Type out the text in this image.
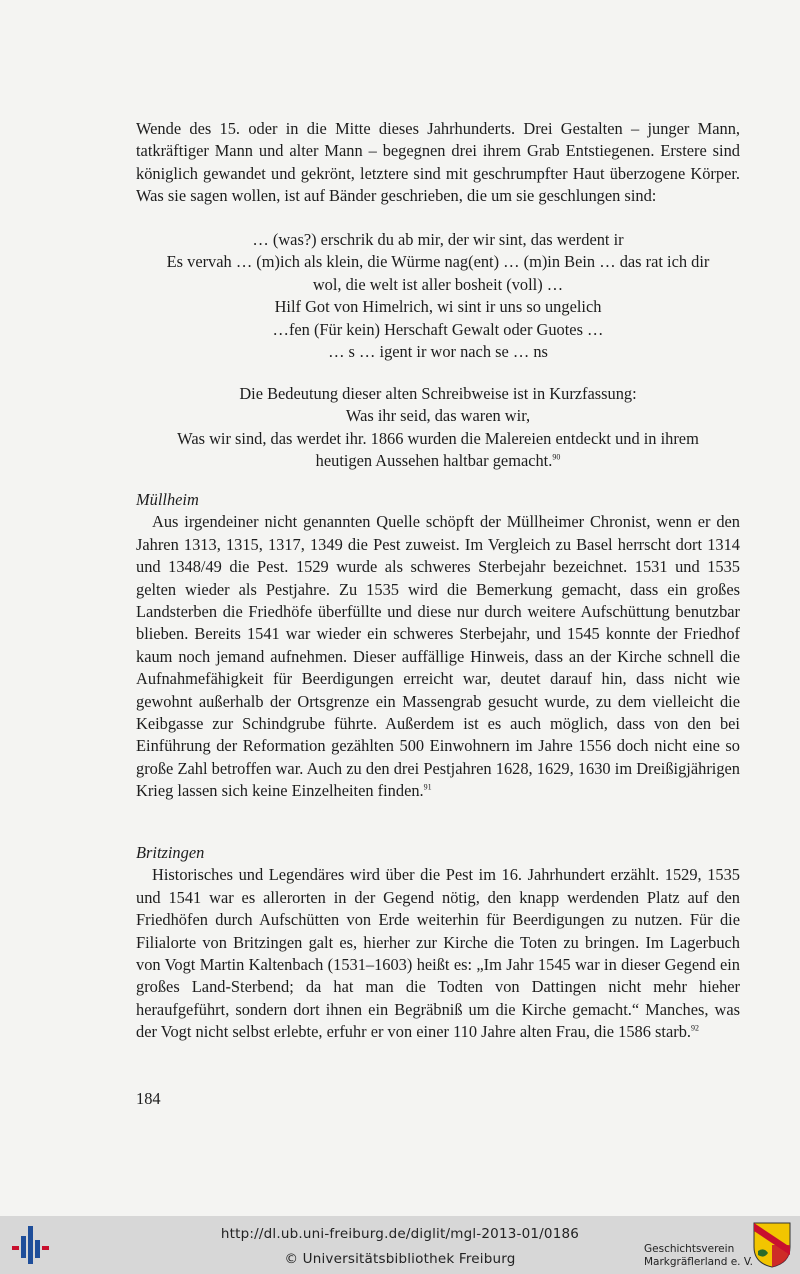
Wende des 15. oder in die Mitte dieses Jahrhunderts. Drei Gestalten – junger Mann, tatkräftiger Mann und alter Mann – begegnen drei ihrem Grab Entstiegenen. Erstere sind königlich gewandet und gekrönt, letztere sind mit geschrumpfter Haut überzogene Körper. Was sie sagen wollen, ist auf Bänder geschrieben, die um sie geschlungen sind:

… (was?) erschrik du ab mir, der wir sint, das werdent ir

Es vervah … (m)ich als klein, die Würme nag(ent) … (m)in Bein … das rat ich dir

wol, die welt ist aller bosheit (voll) …

Hilf Got von Himelrich, wi sint ir uns so ungelich

…fen (Für kein) Herschaft Gewalt oder Guotes …

… s … igent ir wor nach se … ns

Die Bedeutung dieser alten Schreibweise ist in Kurzfassung:

Was ihr seid, das waren wir,

Was wir sind, das werdet ihr. 1866 wurden die Malereien entdeckt und in ihrem

heutigen Aussehen haltbar gemacht.$^{90}$

Müllheim

Aus irgendeiner nicht genannten Quelle schöpft der Müllheimer Chronist, wenn er den Jahren 1313, 1315, 1317, 1349 die Pest zuweist. Im Vergleich zu Basel herrscht dort 1314 und 1348/49 die Pest. 1529 wurde als schweres Sterbejahr bezeichnet. 1531 und 1535 gelten wieder als Pestjahre. Zu 1535 wird die Bemerkung gemacht, dass ein großes Landsterben die Friedhöfe überfüllte und diese nur durch weitere Aufschüttung benutzbar blieben. Bereits 1541 war wieder ein schweres Sterbejahr, und 1545 konnte der Friedhof kaum noch jemand aufnehmen. Dieser auffällige Hinweis, dass an der Kirche schnell die Aufnahmefähigkeit für Beerdigungen erreicht war, deutet darauf hin, dass nicht wie gewohnt außerhalb der Ortsgrenze ein Massengrab gesucht wurde, zu dem vielleicht die Keibgasse zur Schindgrube führte. Außerdem ist es auch möglich, dass von den bei Einführung der Reformation gezählten 500 Einwohnern im Jahre 1556 doch nicht eine so große Zahl betroffen war. Auch zu den drei Pestjahren 1628, 1629, 1630 im Dreißigjährigen Krieg lassen sich keine Einzelheiten finden.$^{91}$

Britzingen

Historisches und Legendäres wird über die Pest im 16. Jahrhundert erzählt. 1529, 1535 und 1541 war es allerorten in der Gegend nötig, den knapp werdenden Platz auf den Friedhöfen durch Aufschütten von Erde weiterhin für Beerdigungen zu nutzen. Für die Filialorte von Britzingen galt es, hierher zur Kirche die Toten zu bringen. Im Lagerbuch von Vogt Martin Kaltenbach (1531–1603) heißt es: „Im Jahr 1545 war in dieser Gegend ein großes Land-Sterbend; da hat man die Todten von Dattingen nicht mehr hieher heraufgeführt, sondern dort ihnen ein Begräbniß um die Kirche gemacht.“ Manches, was der Vogt nicht selbst erlebte, erfuhr er von einer 110 Jahre alten Frau, die 1586 starb.$^{92}$

184

http://dl.ub.uni-freiburg.de/diglit/mgl-2013-01/0186
© Universitätsbibliothek Freiburg
Geschichtsverein
Markgräflerland e. V.
